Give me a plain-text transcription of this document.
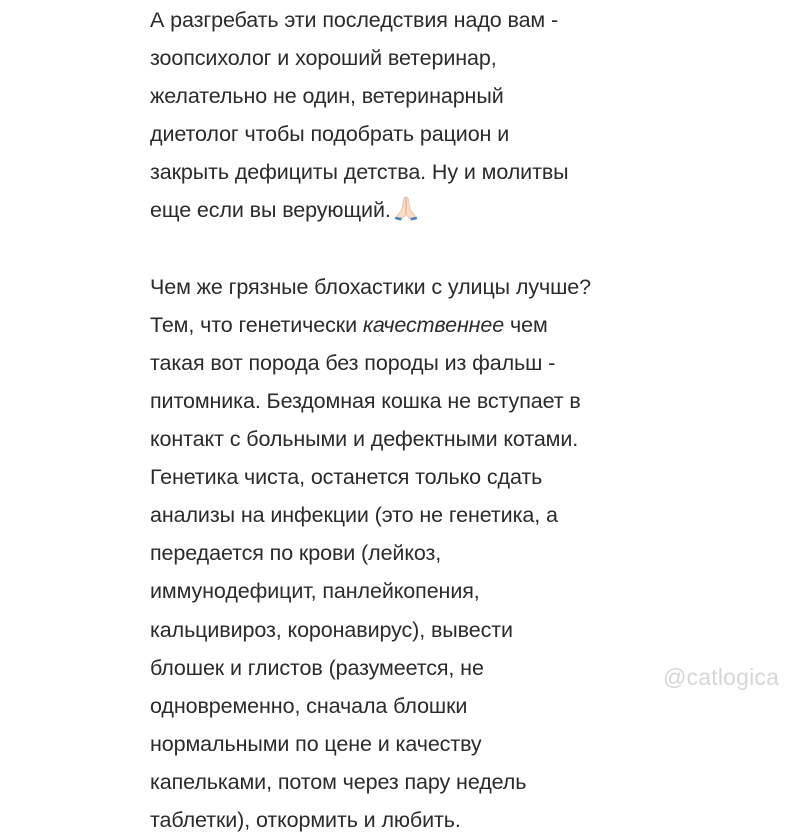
А разгребать эти последствия надо вам -
зоопсихолог и хороший ветеринар,
желательно не один, ветеринарный
диетолог чтобы подобрать рацион и
закрыть дефициты детства. Ну и молитвы
еще если вы верующий.

Чем же грязные блохастики с улицы лучше?
Тем, что генетически качественнее чем
такая вот порода без породы из фальш -
питомника. Бездомная кошка не вступает в
контакт с больными и дефектными котами.
Генетика чиста, останется только сдать
анализы на инфекции (это не генетика, а
передается по крови (лейкоз,
иммунодефицит, панлейкопения,
кальцивироз, коронавирус), вывести
блошек и глистов (разумеется, не
одновременно, сначала блошки
нормальными по цене и качеству
капельками, потом через пару недель
таблетки), откормить и любить.

@catlogica
